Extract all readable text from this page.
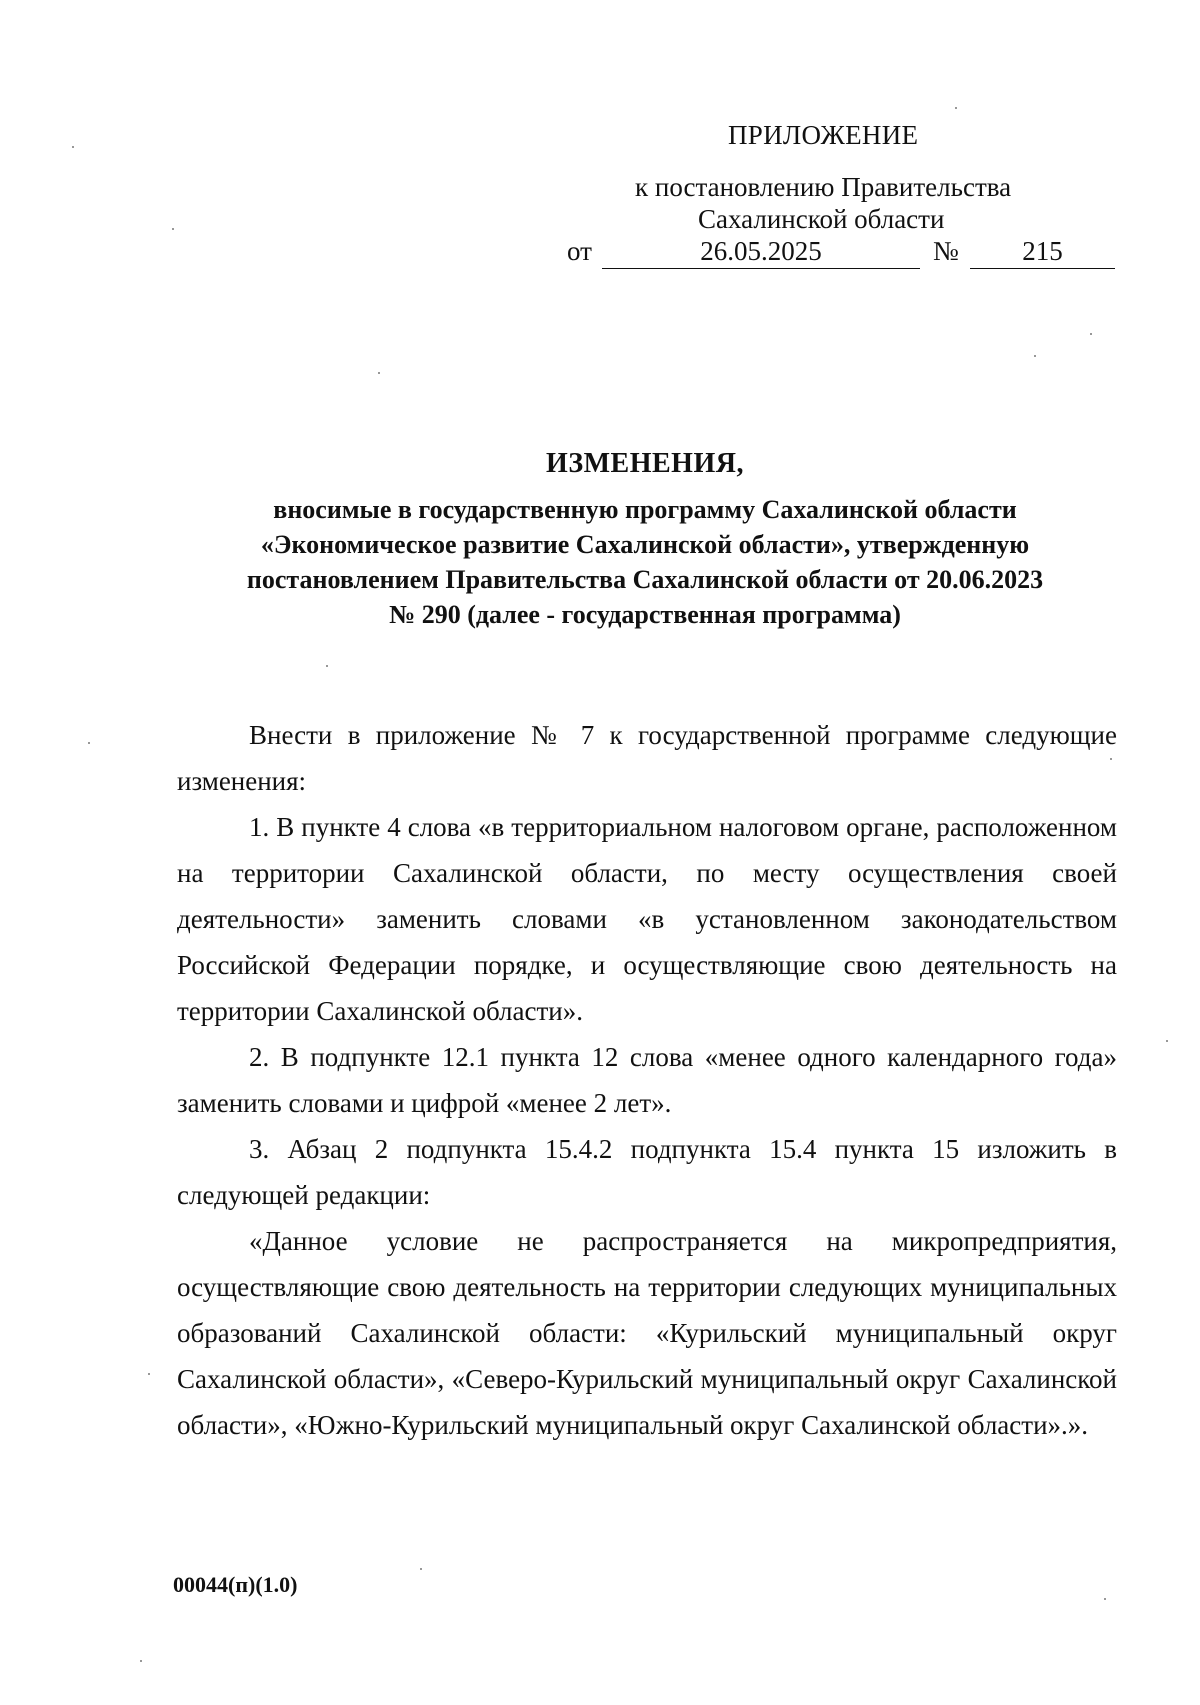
ПРИЛОЖЕНИЕ
к постановлению Правительства
Сахалинской области
от	26.05.2025	№	215
ИЗМЕНЕНИЯ,
вносимые в государственную программу Сахалинской области
«Экономическое развитие Сахалинской области», утвержденную
постановлением Правительства Сахалинской области от 20.06.2023
№ 290 (далее - государственная программа)

Внести в приложение № 7 к государственной программе следующие изменения:

1. В пункте 4 слова «в территориальном налоговом органе, расположенном на территории Сахалинской области, по месту осуществления своей деятельности» заменить словами «в установленном законодательством Российской Федерации порядке, и осуществляющие свою деятельность на территории Сахалинской области».

2. В подпункте 12.1 пункта 12 слова «менее одного календарного года» заменить словами и цифрой «менее 2 лет».

3. Абзац 2 подпункта 15.4.2 подпункта 15.4 пункта 15 изложить в следующей редакции:

«Данное условие не распространяется на микропредприятия, осуществляющие свою деятельность на территории следующих муниципальных образований Сахалинской области: «Курильский муниципальный округ Сахалинской области», «Северо-Курильский муниципальный округ Сахалинской области», «Южно-Курильский муниципальный округ Сахалинской области».».

00044(п)(1.0)
